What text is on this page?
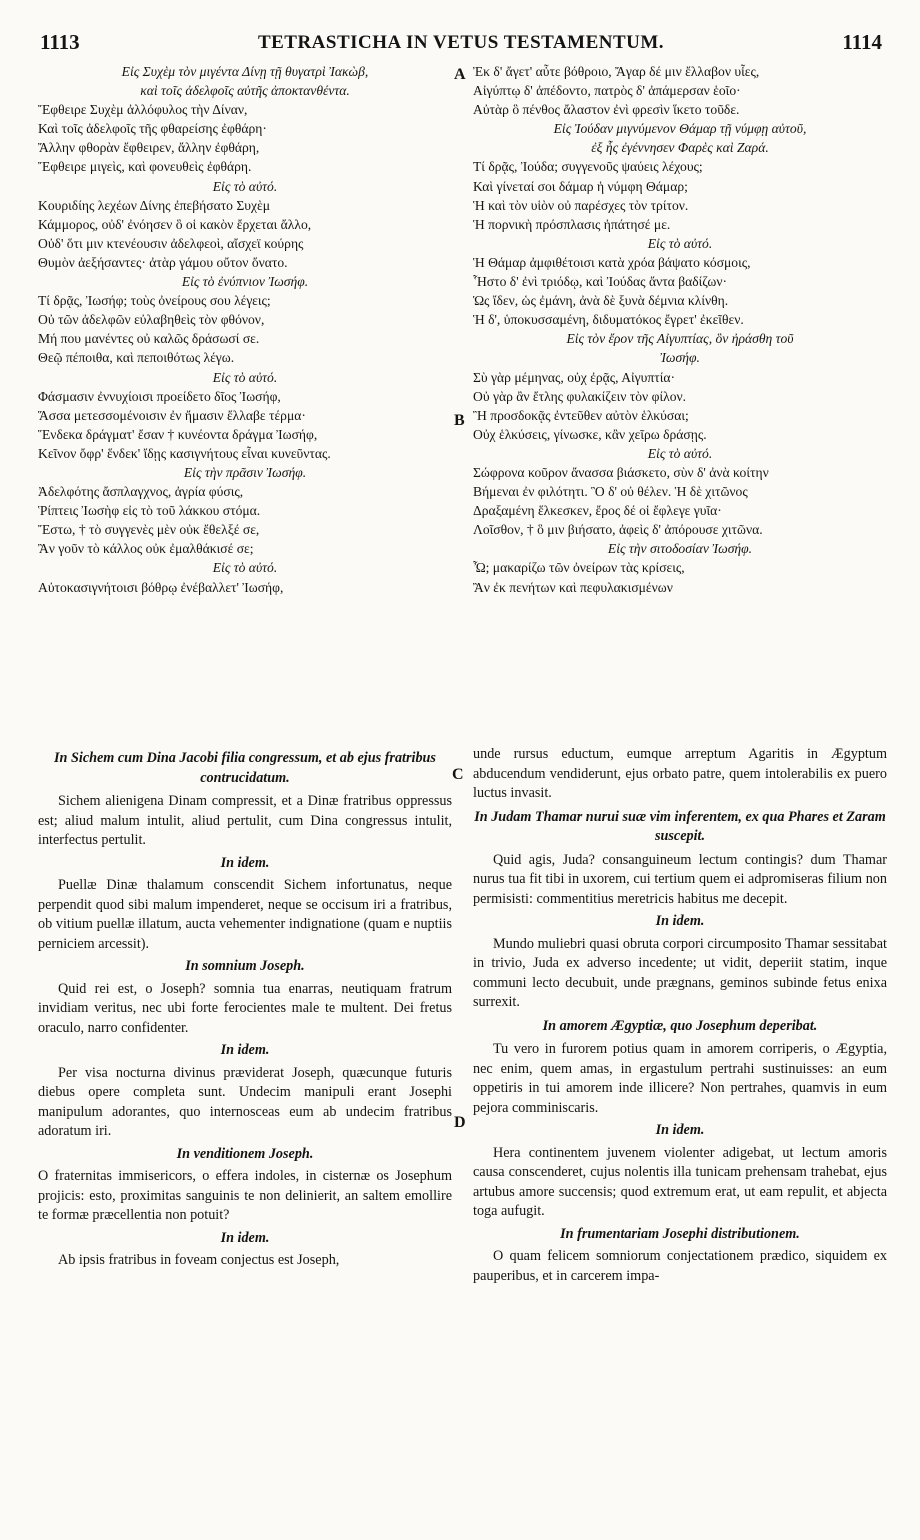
1113	TETRASTICHA IN VETUS TESTAMENTUM.	1114

Εἰς Συχὲμ τὸν μιγέντα Δίνῃ τῇ θυγατρὶ Ἰακὼβ,

καὶ τοῖς ἀδελφοῖς αὐτῆς ἀποκτανθέντα.

Ἔφθειρε Συχὲμ ἀλλόφυλος τὴν Δίναν,

Καὶ τοῖς ἀδελφοῖς τῆς φθαρείσης ἐφθάρη·

Ἄλλην φθορὰν ἔφθειρεν, ἄλλην ἐφθάρη,

Ἔφθειρε μιγεὶς, καὶ φονευθεὶς ἐφθάρη.

Εἰς τὸ αὐτό.

Κουριδίης λεχέων Δίνης ἐπεβήσατο Συχὲμ

Κάμμορος, οὐδ' ἐνόησεν ὃ οἱ κακὸν ἔρχεται ἄλλο,

Οὐδ' ὅτι μιν κτενέουσιν ἀδελφεοὶ, αἴσχεϊ κούρης

Θυμὸν ἀεξήσαντες· ἀτὰρ γάμου οὔτον ὄνατο.

Εἰς τὸ ἐνύπνιον Ἰωσήφ.

Τί δρᾷς, Ἰωσήφ; τοὺς ὀνείρους σου λέγεις;

Οὐ τῶν ἀδελφῶν εὐλαβηθεὶς τὸν φθόνον,

Μή που μανέντες οὐ καλῶς δράσωσί σε.

Θεῷ πέποιθα, καὶ πεποιθότως λέγω.

Εἰς τὸ αὐτό.

Φάσμασιν ἐννυχίοισι προείδετο δῖος Ἰωσήφ,

Ἅσσα μετεσσομένοισιν ἐν ἤμασιν ἔλλαβε τέρμα·

Ἕνδεκα δράγματ' ἔσαν † κυνέοντα δράγμα Ἰωσήφ,

Κεῖνον ὄφρ' ἕνδεκ' ἴδῃς κασιγνήτους εἶναι κυνεῦντας.

Εἰς τὴν πρᾶσιν Ἰωσήφ.

Ἀδελφότης ἄσπλαγχνος, ἀγρία φύσις,

Ῥίπτεις Ἰωσὴφ εἰς τὸ τοῦ λάκκου στόμα.

Ἔστω, † τὸ συγγενὲς μὲν οὐκ ἔθελξέ σε,

Ἂν γοῦν τὸ κάλλος οὐκ ἐμαλθάκισέ σε;

Εἰς τὸ αὐτό.

Αὐτοκασιγνήτοισι βόθρῳ ἐνέβαλλετ' Ἰωσήφ,

Ἐκ δ' ἄγετ' αὖτε βόθροιο, Ἄγαρ δέ μιν ἔλλαβον υἷες,

Αἰγύπτῳ δ' ἀπέδοντο, πατρὸς δ' ἀπάμερσαν ἑοῖο·

Αὐτὰρ ὃ πένθος ἄλαστον ἐνὶ φρεσὶν ἵκετο τοῦδε.

Εἰς Ἰούδαν μιγνύμενον Θάμαρ τῇ νύμφῃ αὐτοῦ,

ἐξ ἧς ἐγέννησεν Φαρὲς καὶ Ζαρά.

Τί δρᾷς, Ἰούδα; συγγενοῦς ψαύεις λέχους;

Καὶ γίνεταί σοι δάμαρ ἡ νύμφη Θάμαρ;

Ἡ καὶ τὸν υἱὸν οὐ παρέσχες τὸν τρίτον.

Ἡ πορνικὴ πρόσπλασις ἠπάτησέ με.

Εἰς τὸ αὐτό.

Ἡ Θάμαρ ἀμφιθέτοισι κατὰ χρόα βάψατο κόσμοις,

Ἧστο δ' ἐνὶ τριόδῳ, καὶ Ἰούδας ἄντα βαδίζων·

Ὡς ἴδεν, ὡς ἐμάνη, ἀνὰ δὲ ξυνὰ δέμνια κλίνθη.

Ἡ δ', ὑποκυσσαμένη, διδυματόκος ἔγρετ' ἐκεῖθεν.

Εἰς τὸν ἔρον τῆς Αἰγυπτίας, ὃν ἠράσθη τοῦ

Ἰωσήφ.

Σὺ γὰρ μέμηνας, οὐχ ἐρᾷς, Αἰγυπτία·

Οὐ γὰρ ἂν ἔτλης φυλακίζειν τὸν φίλον.

Ἢ προσδοκᾷς ἐντεῦθεν αὐτὸν ἑλκύσαι;

Οὐχ ἑλκύσεις, γίνωσκε, κἂν χεῖρω δράσῃς.

Εἰς τὸ αὐτό.

Σώφρονα κοῦρον ἄνασσα βιάσκετο, σὺν δ' ἀνὰ κοίτην

Βήμεναι ἐν φιλότητι. Ὃ δ' οὐ θέλεν. Ἡ δὲ χιτῶνος

Δραξαμένη ἕλκεσκεν, ἔρος δέ οἱ ἔφλεγε γυῖα·

Λοῖσθον, † ὃ μιν βιήσατο, ἀφεὶς δ' ἀπόρουσε χιτῶνα.

Εἰς τὴν σιτοδοσίαν Ἰωσήφ.

Ὦ; μακαρίζω τῶν ὀνείρων τὰς κρίσεις,

Ἂν ἐκ πενήτων καὶ πεφυλακισμένων

In Sichem cum Dina Jacobi filia congressum, et ab ejus fratribus contrucidatum.

Sichem alienigena Dinam compressit, et a Dinæ fratribus oppressus est; aliud malum intulit, aliud pertulit, cum Dina congressus intulit, interfectus pertulit.

In idem.

Puellæ Dinæ thalamum conscendit Sichem infortunatus, neque perpendit quod sibi malum impenderet, neque se occisum iri a fratribus, ob vitium puellæ illatum, aucta vehementer indignatione (quam e nuptiis perniciem arcessit).

In somnium Joseph.

Quid rei est, o Joseph? somnia tua enarras, neutiquam fratrum invidiam veritus, nec ubi forte ferocientes male te multent. Dei fretus oraculo, narro confidenter.

In idem.

Per visa nocturna divinus præviderat Joseph, quæcunque futuris diebus opere completa sunt. Undecim manipuli erant Josephi manipulum adorantes, quo internosceas eum ab undecim fratribus adoratum iri.

In venditionem Joseph.

O fraternitas immisericors, o effera indoles, in cisternæ os Josephum projicis: esto, proximitas sanguinis te non delinierit, an saltem emollire te formæ præcellentia non potuit?

In idem.

Ab ipsis fratribus in foveam conjectus est Joseph,

unde rursus eductum, eumque arreptum Agaritis in Ægyptum abducendum vendiderunt, ejus orbato patre, quem intolerabilis ex puero luctus invasit.

In Judam Thamar nurui suæ vim inferentem, ex qua Phares et Zaram suscepit.

Quid agis, Juda? consanguineum lectum contingis? dum Thamar nurus tua fit tibi in uxorem, cui tertium quem ei adpromiseras filium non permisisti: commentitius meretricis habitus me decepit.

In idem.

Mundo muliebri quasi obruta corpori circumposito Thamar sessitabat in trivio, Juda ex adverso incedente; ut vidit, deperiit statim, inque communi lecto decubuit, unde prægnans, geminos subinde fetus enixa surrexit.

In amorem Ægyptiæ, quo Josephum deperibat.

Tu vero in furorem potius quam in amorem corriperis, o Ægyptia, nec enim, quem amas, in ergastulum pertrahi sustinuisses: an eum oppetiris in tui amorem inde illicere? Non pertrahes, quamvis in eum pejora comminiscaris.

In idem.

Hera continentem juvenem violenter adigebat, ut lectum amoris causa conscenderet, cujus nolentis illa tunicam prehensam trahebat, ejus artubus amore succensis; quod extremum erat, ut eam repulit, et abjecta toga aufugit.

In frumentariam Josephi distributionem.

O quam felicem somniorum conjectationem prædico, siquidem ex pauperibus, et in carcerem impa-

A
B
C
D
